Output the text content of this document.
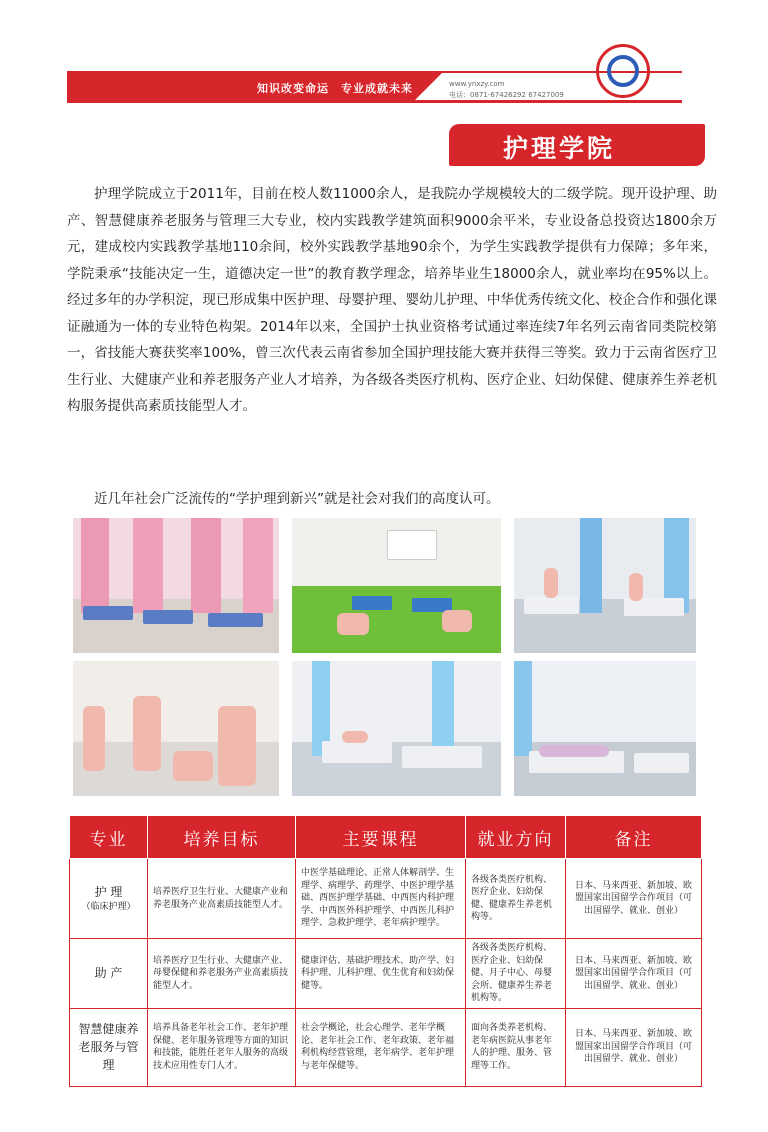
知识改变命运　专业成就未来	www.ynxzy.com
电话：0871-67426292 67427009
护理学院

护理学院成立于2011年，目前在校人数11000余人，是我院办学规模较大的二级学院。现开设护理、助产、智慧健康养老服务与管理三大专业，校内实践教学建筑面积9000余平米，专业设备总投资达1800余万元，建成校内实践教学基地110余间，校外实践教学基地90余个，为学生实践教学提供有力保障；多年来，学院秉承“技能决定一生，道德决定一世”的教育教学理念，培养毕业生18000余人，就业率均在95%以上。经过多年的办学积淀，现已形成集中医护理、母婴护理、婴幼儿护理、中华优秀传统文化、校企合作和强化课证融通为一体的专业特色构架。2014年以来，全国护士执业资格考试通过率连续7年名列云南省同类院校第一，省技能大赛获奖率100%，曾三次代表云南省参加全国护理技能大赛并获得三等奖。致力于云南省医疗卫生行业、大健康产业和养老服务产业人才培养，为各级各类医疗机构、医疗企业、妇幼保健、健康养生养老机构服务提供高素质技能型人才。

近几年社会广泛流传的“学护理到新兴”就是社会对我们的高度认可。

专业	培养目标	主要课程	就业方向	备注
护 理
（临床护理）	培养医疗卫生行业、大健康产业和养老服务产业高素质技能型人才。	中医学基础理论、正常人体解剖学、生理学、病理学、药理学、中医护理学基础、西医护理学基础、中西医内科护理学、中西医外科护理学、中西医儿科护理学、急救护理学、老年病护理学。	各级各类医疗机构、医疗企业、妇幼保健、健康养生养老机构等。	日本、马来西亚、新加坡、欧盟国家出国留学合作项目（可出国留学、就业、创业）
助 产	培养医疗卫生行业、大健康产业、母婴保健和养老服务产业高素质技能型人才。	健康评估、基础护理技术、助产学、妇科护理、儿科护理、优生优育和妇幼保健等。	各级各类医疗机构、医疗企业、妇幼保健、月子中心、母婴会所、健康养生养老机构等。	日本、马来西亚、新加坡、欧盟国家出国留学合作项目（可出国留学、就业、创业）
智慧健康养老服务与管理	培养具备老年社会工作、老年护理保健、老年服务管理等方面的知识和技能，能胜任老年人服务的高级技术应用性专门人才。	社会学概论，社会心理学、老年学概论、老年社会工作、老年政策、老年福利机构经营管理，老年病学、老年护理与老年保健等。	面向各类养老机构、老年病医院从事老年人的护理、服务、管理等工作。	日本、马来西亚、新加坡、欧盟国家出国留学合作项目（可出国留学、就业、创业）
